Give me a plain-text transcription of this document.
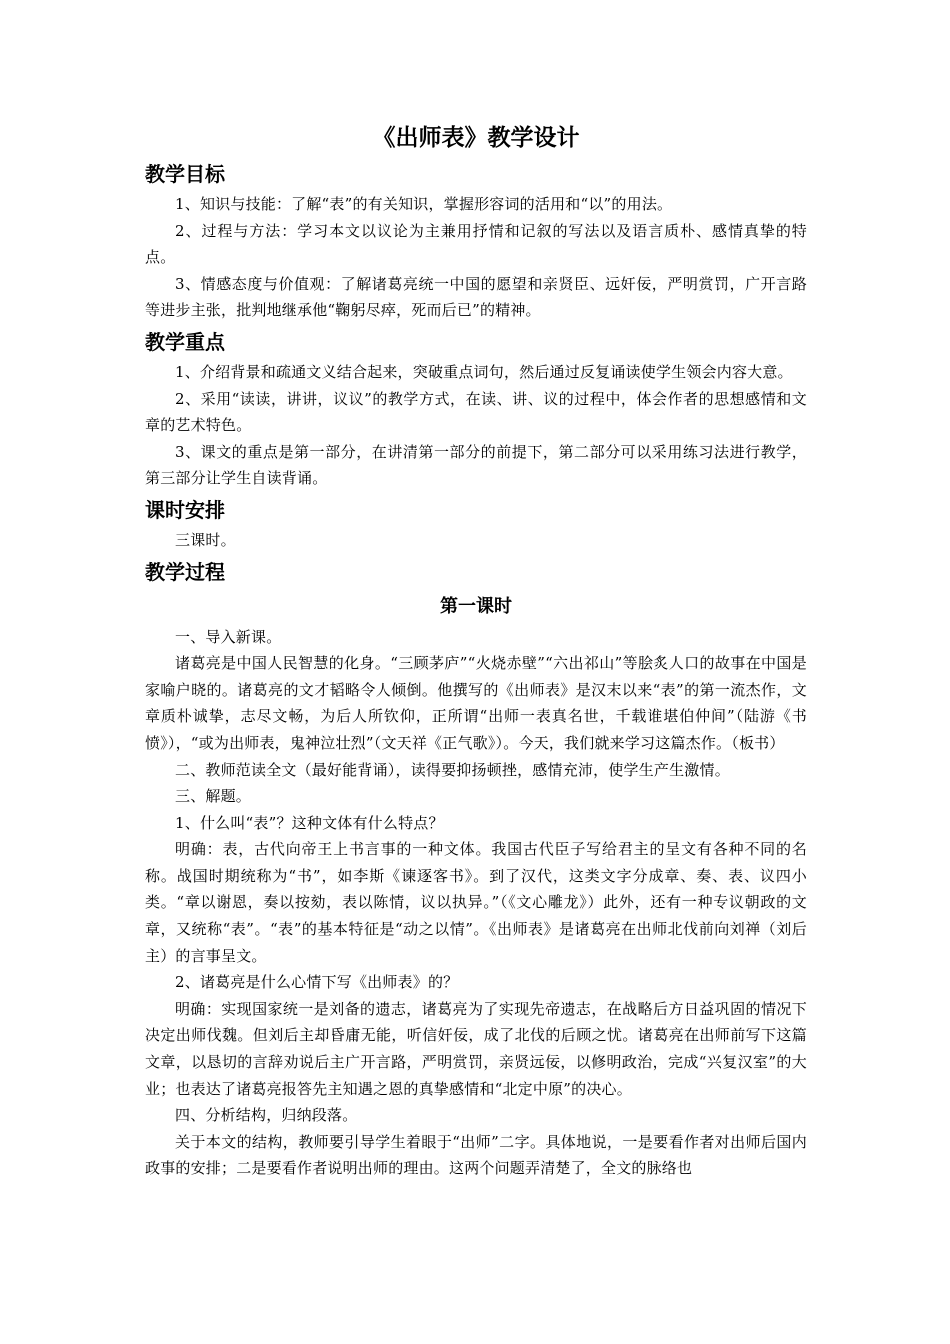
《出师表》教学设计
教学目标

1、知识与技能：了解“表”的有关知识，掌握形容词的活用和“以”的用法。

2、过程与方法：学习本文以议论为主兼用抒情和记叙的写法以及语言质朴、感情真挚的特点。

3、情感态度与价值观：了解诸葛亮统一中国的愿望和亲贤臣、远奸佞，严明赏罚，广开言路等进步主张，批判地继承他“鞠躬尽瘁，死而后已”的精神。

教学重点

1、介绍背景和疏通文义结合起来，突破重点词句，然后通过反复诵读使学生领会内容大意。

2、采用“读读，讲讲，议议”的教学方式，在读、讲、议的过程中，体会作者的思想感情和文章的艺术特色。

3、课文的重点是第一部分，在讲清第一部分的前提下，第二部分可以采用练习法进行教学，第三部分让学生自读背诵。

课时安排

三课时。

教学过程
第一课时

一、导入新课。

诸葛亮是中国人民智慧的化身。“三顾茅庐”“火烧赤壁”“六出祁山”等脍炙人口的故事在中国是家喻户晓的。诸葛亮的文才韬略令人倾倒。他撰写的《出师表》是汉末以来“表”的第一流杰作，文章质朴诚挚，志尽文畅，为后人所钦仰，正所谓“出师一表真名世，千载谁堪伯仲间”（陆游《书愤》），“或为出师表，鬼神泣壮烈”（文天祥《正气歌》）。今天，我们就来学习这篇杰作。（板书）

二、教师范读全文（最好能背诵），读得要抑扬顿挫，感情充沛，使学生产生激情。

三、解题。

1、什么叫“表”？这种文体有什么特点？

明确：表，古代向帝王上书言事的一种文体。我国古代臣子写给君主的呈文有各种不同的名称。战国时期统称为“书”，如李斯《谏逐客书》。到了汉代，这类文字分成章、奏、表、议四小类。“章以谢恩，奏以按劾，表以陈情，议以执异。”（《文心雕龙》）此外，还有一种专议朝政的文章，又统称“表”。“表”的基本特征是“动之以情”。《出师表》是诸葛亮在出师北伐前向刘禅（刘后主）的言事呈文。

2、诸葛亮是什么心情下写《出师表》的？

明确：实现国家统一是刘备的遗志，诸葛亮为了实现先帝遗志，在战略后方日益巩固的情况下决定出师伐魏。但刘后主却昏庸无能，听信奸佞，成了北伐的后顾之忧。诸葛亮在出师前写下这篇文章，以恳切的言辞劝说后主广开言路，严明赏罚，亲贤远佞，以修明政治，完成“兴复汉室”的大业；也表达了诸葛亮报答先主知遇之恩的真挚感情和“北定中原”的决心。

四、分析结构，归纳段落。

关于本文的结构，教师要引导学生着眼于“出师”二字。具体地说，一是要看作者对出师后国内政事的安排；二是要看作者说明出师的理由。这两个问题弄清楚了，全文的脉络也
